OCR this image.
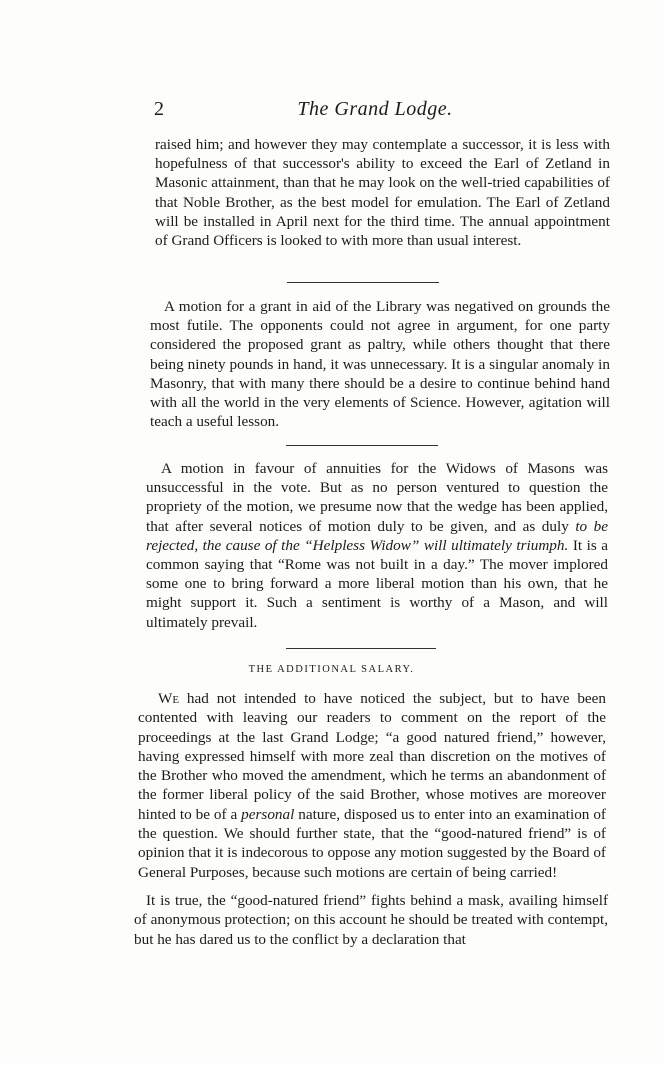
2	The Grand Lodge.

raised him; and however they may contemplate a successor, it is less with hopefulness of that successor's ability to exceed the Earl of Zetland in Masonic attainment, than that he may look on the well-tried capabilities of that Noble Brother, as the best model for emulation. The Earl of Zetland will be installed in April next for the third time. The annual appointment of Grand Officers is looked to with more than usual interest.

A motion for a grant in aid of the Library was negatived on grounds the most futile. The opponents could not agree in argument, for one party considered the proposed grant as paltry, while others thought that there being ninety pounds in hand, it was unnecessary. It is a singular anomaly in Masonry, that with many there should be a desire to continue behind hand with all the world in the very elements of Science. However, agitation will teach a useful lesson.

A motion in favour of annuities for the Widows of Masons was unsuccessful in the vote. But as no person ventured to question the propriety of the motion, we presume now that the wedge has been applied, that after several notices of motion duly to be given, and as duly to be rejected, the cause of the “Helpless Widow” will ultimately triumph. It is a common saying that “Rome was not built in a day.” The mover implored some one to bring forward a more liberal motion than his own, that he might support it. Such a sentiment is worthy of a Mason, and will ultimately prevail.

THE ADDITIONAL SALARY.

We had not intended to have noticed the subject, but to have been contented with leaving our readers to comment on the report of the proceedings at the last Grand Lodge; “a good natured friend,” however, having expressed himself with more zeal than discretion on the motives of the Brother who moved the amendment, which he terms an abandonment of the former liberal policy of the said Brother, whose motives are moreover hinted to be of a personal nature, disposed us to enter into an examination of the question. We should further state, that the “good-natured friend” is of opinion that it is indecorous to oppose any motion suggested by the Board of General Purposes, because such motions are certain of being carried!

It is true, the “good-natured friend” fights behind a mask, availing himself of anonymous protection; on this account he should be treated with contempt, but he has dared us to the conflict by a declaration that
